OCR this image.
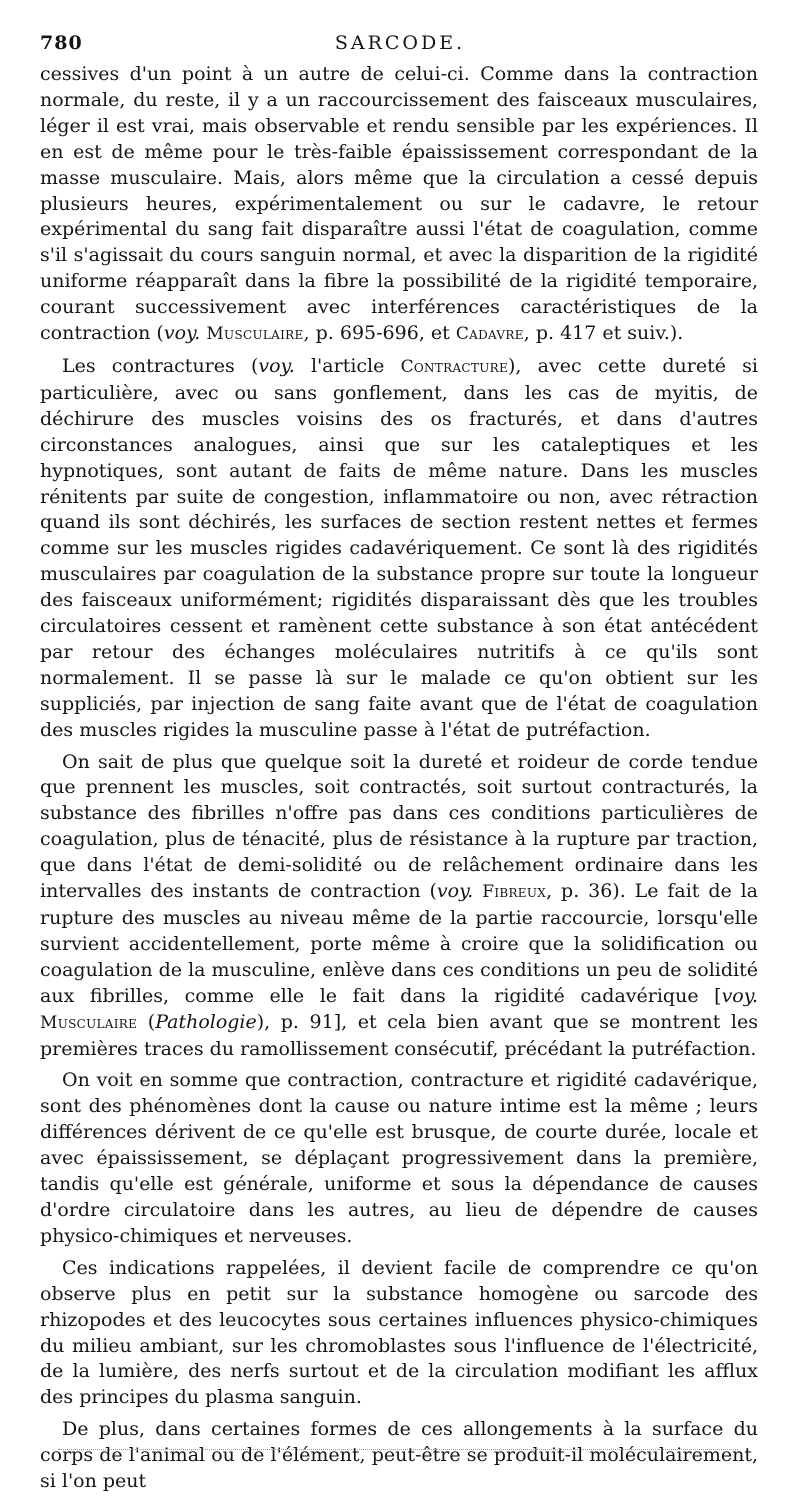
780	SARCODE.

cessives d'un point à un autre de celui-ci. Comme dans la contraction normale, du reste, il y a un raccourcissement des faisceaux musculaires, léger il est vrai, mais observable et rendu sensible par les expériences. Il en est de même pour le très-faible épaississement correspondant de la masse musculaire. Mais, alors même que la circulation a cessé depuis plusieurs heures, expérimentalement ou sur le cadavre, le retour expérimental du sang fait disparaître aussi l'état de coagulation, comme s'il s'agissait du cours sanguin normal, et avec la disparition de la rigidité uniforme réapparaît dans la fibre la possibilité de la rigidité temporaire, courant successivement avec interférences caractéristiques de la contraction (voy. Musculaire, p. 695-696, et Cadavre, p. 417 et suiv.).

Les contractures (voy. l'article Contracture), avec cette dureté si particulière, avec ou sans gonflement, dans les cas de myitis, de déchirure des muscles voisins des os fracturés, et dans d'autres circonstances analogues, ainsi que sur les cataleptiques et les hypnotiques, sont autant de faits de même nature. Dans les muscles rénitents par suite de congestion, inflammatoire ou non, avec rétraction quand ils sont déchirés, les surfaces de section restent nettes et fermes comme sur les muscles rigides cadavériquement. Ce sont là des rigidités musculaires par coagulation de la substance propre sur toute la longueur des faisceaux uniformément; rigidités disparaissant dès que les troubles circulatoires cessent et ramènent cette substance à son état antécédent par retour des échanges moléculaires nutritifs à ce qu'ils sont normalement. Il se passe là sur le malade ce qu'on obtient sur les suppliciés, par injection de sang faite avant que de l'état de coagulation des muscles rigides la musculine passe à l'état de putréfaction.

On sait de plus que quelque soit la dureté et roideur de corde tendue que prennent les muscles, soit contractés, soit surtout contracturés, la substance des fibrilles n'offre pas dans ces conditions particulières de coagulation, plus de ténacité, plus de résistance à la rupture par traction, que dans l'état de demi-solidité ou de relâchement ordinaire dans les intervalles des instants de contraction (voy. Fibreux, p. 36). Le fait de la rupture des muscles au niveau même de la partie raccourcie, lorsqu'elle survient accidentellement, porte même à croire que la solidification ou coagulation de la musculine, enlève dans ces conditions un peu de solidité aux fibrilles, comme elle le fait dans la rigidité cadavérique [voy. Musculaire (Pathologie), p. 91], et cela bien avant que se montrent les premières traces du ramollissement consécutif, précédant la putréfaction.

On voit en somme que contraction, contracture et rigidité cadavérique, sont des phénomènes dont la cause ou nature intime est la même ; leurs différences dérivent de ce qu'elle est brusque, de courte durée, locale et avec épaississement, se déplaçant progressivement dans la première, tandis qu'elle est générale, uniforme et sous la dépendance de causes d'ordre circulatoire dans les autres, au lieu de dépendre de causes physico-chimiques et nerveuses.

Ces indications rappelées, il devient facile de comprendre ce qu'on observe plus en petit sur la substance homogène ou sarcode des rhizopodes et des leucocytes sous certaines influences physico-chimiques du milieu ambiant, sur les chromoblastes sous l'influence de l'électricité, de la lumière, des nerfs surtout et de la circulation modifiant les afflux des principes du plasma sanguin.

De plus, dans certaines formes de ces allongements à la surface du corps de l'animal ou de l'élément, peut-être se produit-il moléculairement, si l'on peut
